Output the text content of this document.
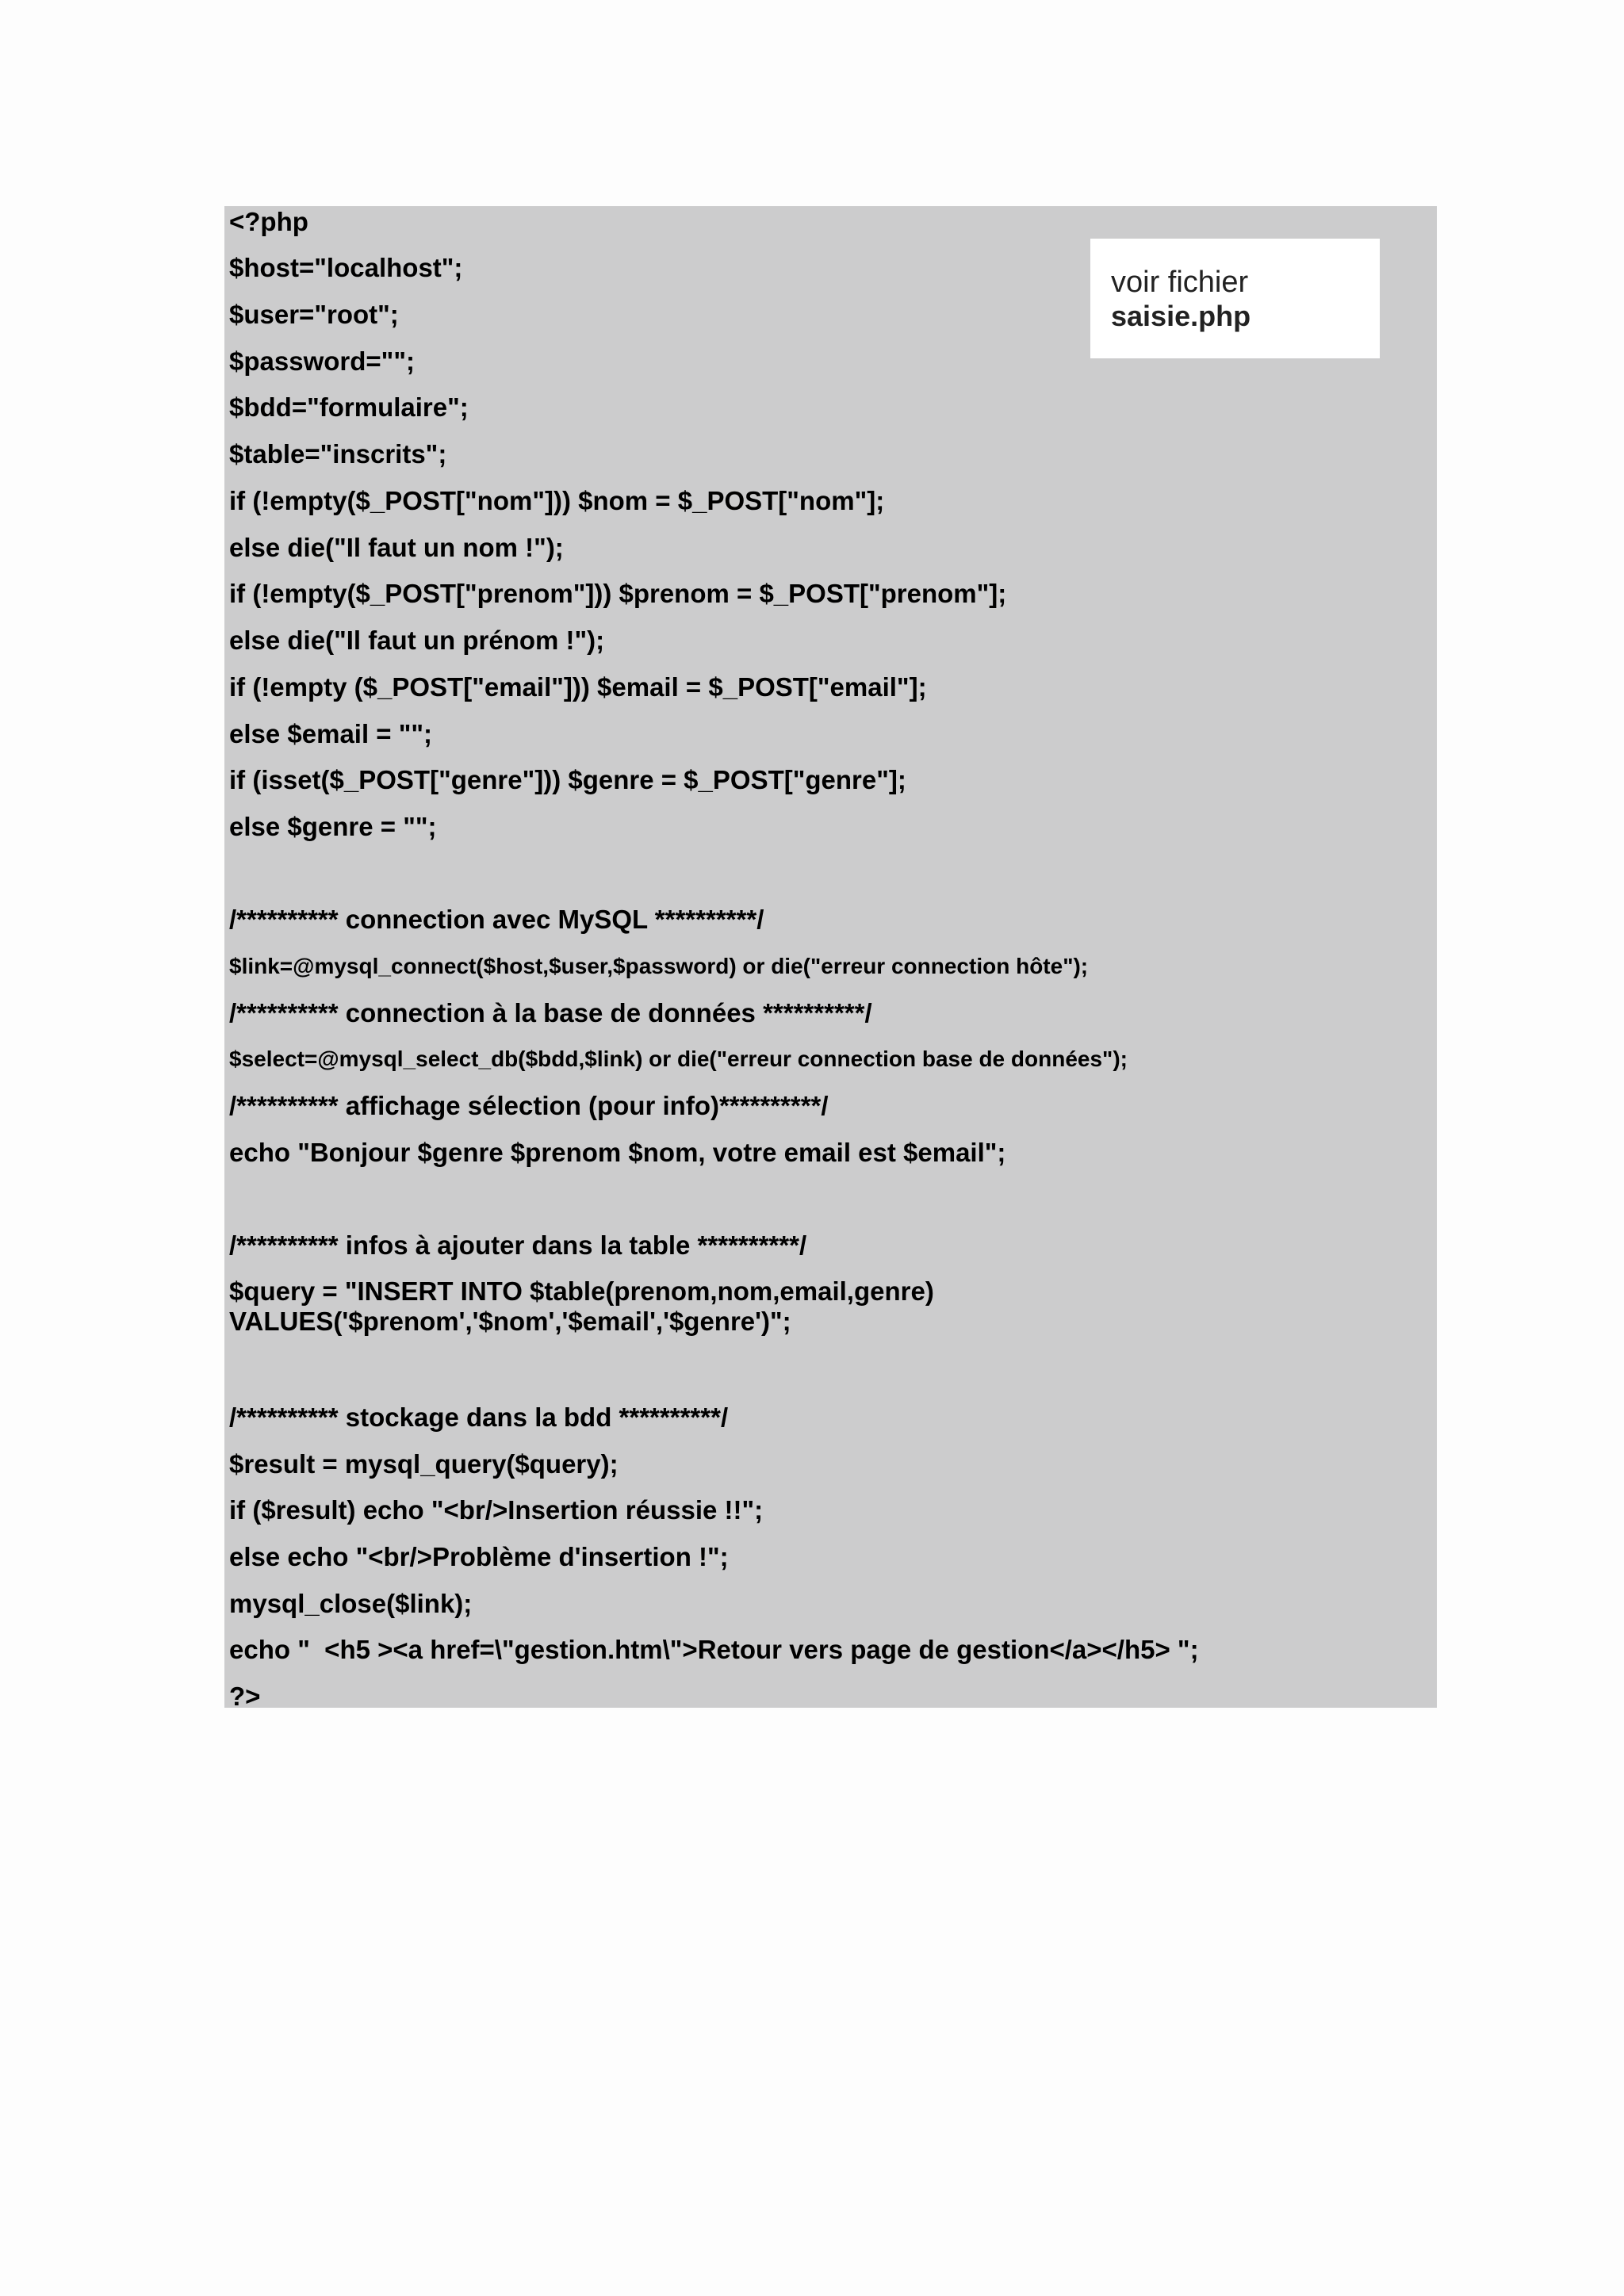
<?php
$host="localhost";
$user="root";
$password="";
$bdd="formulaire";
$table="inscrits";
if (!empty($_POST["nom"])) $nom = $_POST["nom"];
else die("Il faut un nom !");
if (!empty($_POST["prenom"])) $prenom = $_POST["prenom"];
else die("Il faut un prénom !");
if (!empty ($_POST["email"])) $email = $_POST["email"];
else $email = "";
if (isset($_POST["genre"])) $genre = $_POST["genre"];
else $genre = "";
/********** connection avec MySQL **********/
$link=@mysql_connect($host,$user,$password) or die("erreur connection hôte");
/********** connection à la base de données **********/
$select=@mysql_select_db($bdd,$link) or die("erreur connection base de données");
/********** affichage sélection (pour info)**********/
echo "Bonjour $genre $prenom $nom, votre email est $email";
/********** infos à ajouter dans la table **********/
$query = "INSERT INTO $table(prenom,nom,email,genre)
VALUES('$prenom','$nom','$email','$genre')";
/********** stockage dans la bdd **********/
$result = mysql_query($query);
if ($result) echo "<br/>Insertion réussie !!";
else echo "<br/>Problème d'insertion !";
mysql_close($link);
echo "  <h5 ><a href=\"gestion.htm\">Retour vers page de gestion</a></h5> ";
?>
voir fichier
saisie.php
